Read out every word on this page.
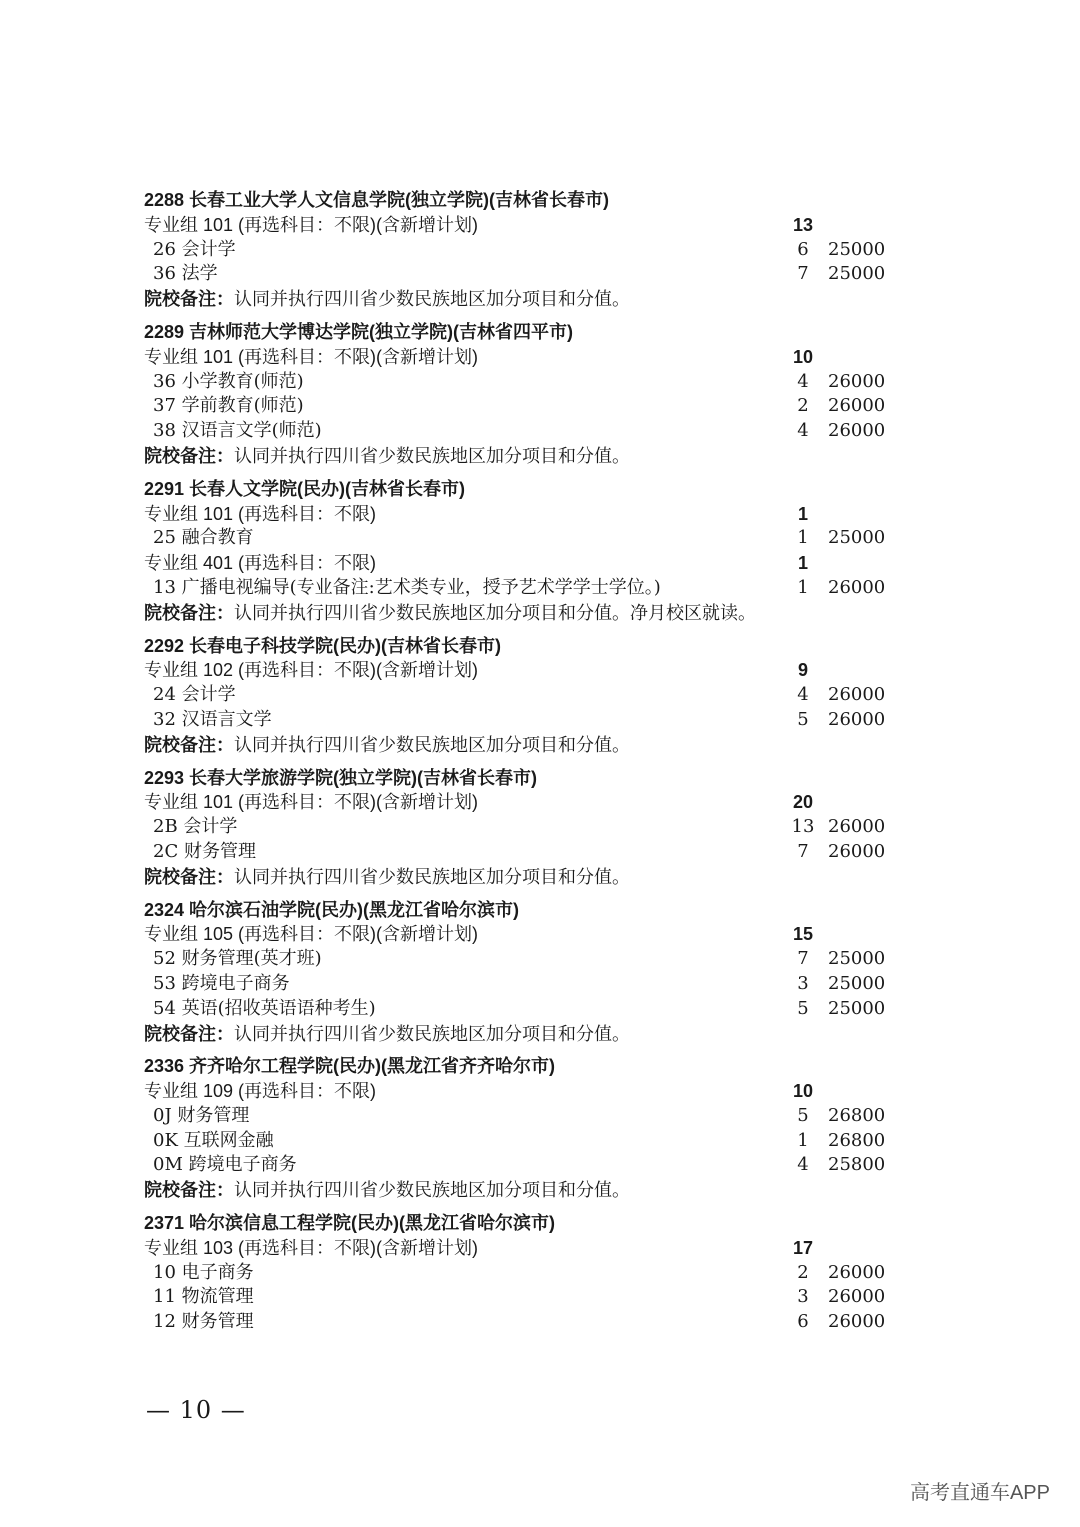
2288 长春工业大学人文信息学院(独立学院)(吉林省长春市)
专业组 101 (再选科目：不限)(含新增计划)	13
26 会计学	6	25000
36 法学	7	25000
院校备注：认同并执行四川省少数民族地区加分项目和分值。
2289 吉林师范大学博达学院(独立学院)(吉林省四平市)
专业组 101 (再选科目：不限)(含新增计划)	10
36 小学教育(师范)	4	26000
37 学前教育(师范)	2	26000
38 汉语言文学(师范)	4	26000
院校备注：认同并执行四川省少数民族地区加分项目和分值。
2291 长春人文学院(民办)(吉林省长春市)
专业组 101 (再选科目：不限)	1
25 融合教育	1	25000
专业组 401 (再选科目：不限)	1
13 广播电视编导(专业备注:艺术类专业，授予艺术学学士学位。)	1	26000
院校备注：认同并执行四川省少数民族地区加分项目和分值。净月校区就读。
2292 长春电子科技学院(民办)(吉林省长春市)
专业组 102 (再选科目：不限)(含新增计划)	9
24 会计学	4	26000
32 汉语言文学	5	26000
院校备注：认同并执行四川省少数民族地区加分项目和分值。
2293 长春大学旅游学院(独立学院)(吉林省长春市)
专业组 101 (再选科目：不限)(含新增计划)	20
2B 会计学	13 26000
2C 财务管理	7	26000
院校备注：认同并执行四川省少数民族地区加分项目和分值。
2324 哈尔滨石油学院(民办)(黑龙江省哈尔滨市)
专业组 105 (再选科目：不限)(含新增计划)	15
52 财务管理(英才班)	7	25000
53 跨境电子商务	3	25000
54 英语(招收英语语种考生)	5	25000
院校备注：认同并执行四川省少数民族地区加分项目和分值。
2336 齐齐哈尔工程学院(民办)(黑龙江省齐齐哈尔市)
专业组 109 (再选科目：不限)	10
0J 财务管理	5	26800
0K 互联网金融	1	26800
0M 跨境电子商务	4	25800
院校备注：认同并执行四川省少数民族地区加分项目和分值。
2371 哈尔滨信息工程学院(民办)(黑龙江省哈尔滨市)
专业组 103 (再选科目：不限)(含新增计划)	17
10 电子商务	2	26000
11 物流管理	3	26000
12 财务管理	6	26000
— 10 —
高考直通车APP
